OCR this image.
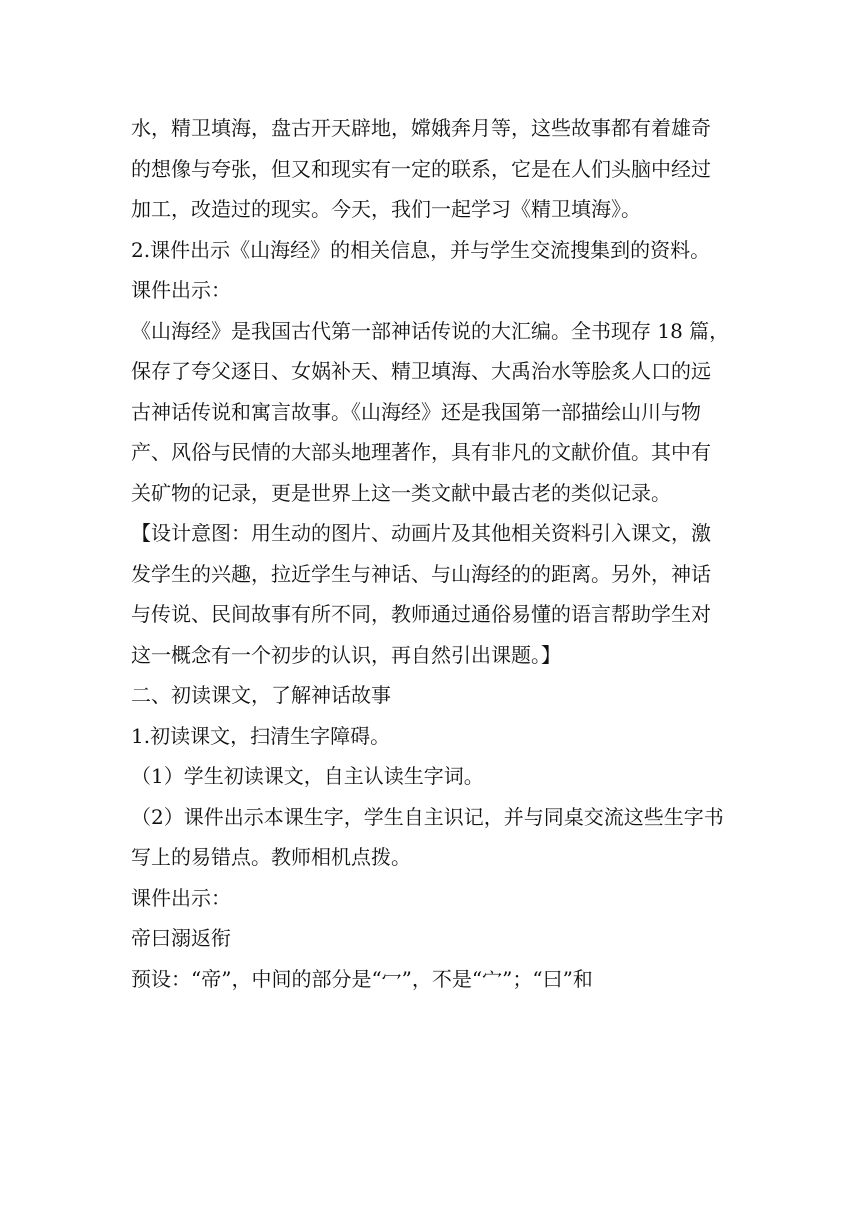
水，精卫填海，盘古开天辟地，嫦娥奔月等，这些故事都有着雄奇
的想像与夸张，但又和现实有一定的联系，它是在人们头脑中经过
加工，改造过的现实。今天，我们一起学习《精卫填海》。
2.课件出示《山海经》的相关信息，并与学生交流搜集到的资料。
课件出示：
《山海经》是我国古代第一部神话传说的大汇编。全书现存 18 篇，
保存了夸父逐日、女娲补天、精卫填海、大禹治水等脍炙人口的远
古神话传说和寓言故事。《山海经》还是我国第一部描绘山川与物
产、风俗与民情的大部头地理著作，具有非凡的文献价值。其中有
关矿物的记录，更是世界上这一类文献中最古老的类似记录。
【设计意图：用生动的图片、动画片及其他相关资料引入课文，激
发学生的兴趣，拉近学生与神话、与山海经的的距离。另外，神话
与传说、民间故事有所不同，教师通过通俗易懂的语言帮助学生对
这一概念有一个初步的认识，再自然引出课题。】
二、初读课文，了解神话故事
1.初读课文，扫清生字障碍。
（1）学生初读课文，自主认读生字词。
（2）课件出示本课生字，学生自主识记，并与同桌交流这些生字书
写上的易错点。教师相机点拨。
课件出示：
帝曰溺返衔
预设：“帝”，中间的部分是“冖”，不是“宀”；“曰”和
